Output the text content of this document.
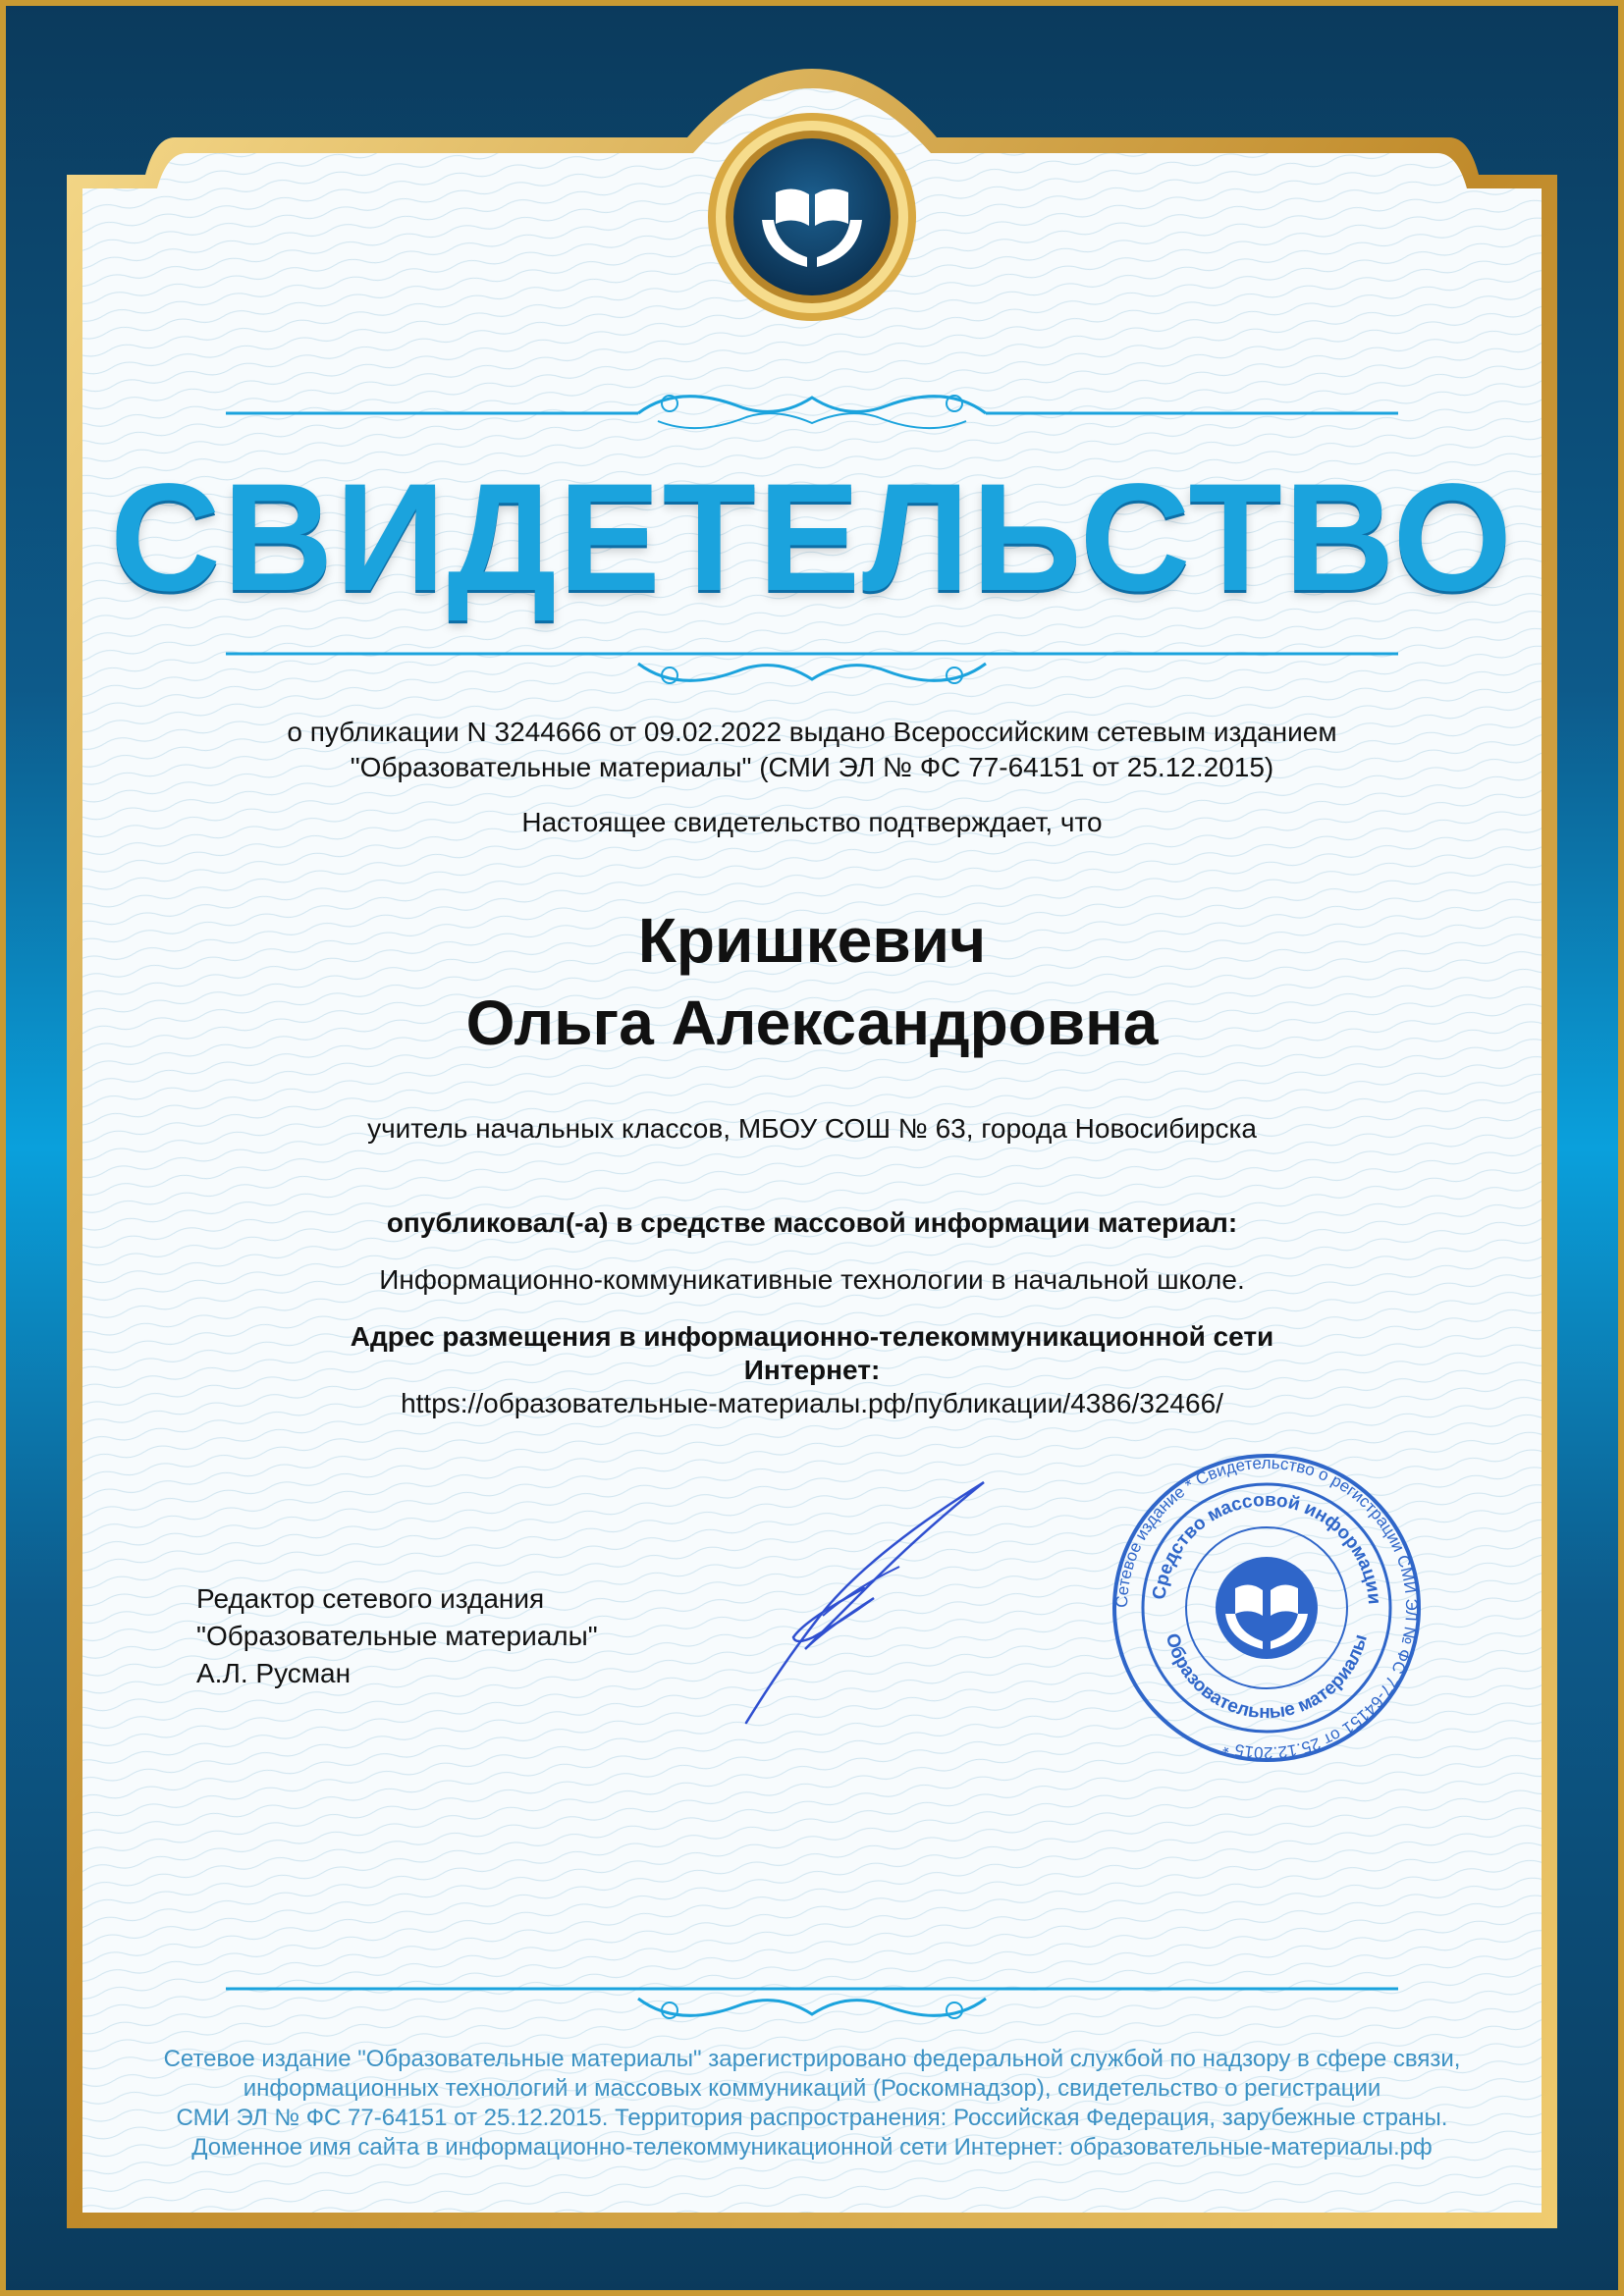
СВИДЕТЕЛЬСТВО
о публикации N 3244666 от 09.02.2022 выдано Всероссийским сетевым изданием
"Образовательные материалы" (СМИ ЭЛ № ФС 77-64151 от 25.12.2015)
Настоящее свидетельство подтверждает, что
Кришкевич
Ольга Александровна
учитель начальных классов, МБОУ СОШ № 63, города Новосибирска
опубликовал(-а) в средстве массовой информации материал:
Информационно-коммуникативные технологии в начальной школе.
Адрес размещения в информационно-телекоммуникационной сети
Интернет:
https://образовательные-материалы.рф/публикации/4386/32466/
Редактор сетевого издания
"Образовательные материалы"
А.Л. Русман
Сетевое издание * Свидетельство о регистрации СМИ ЭЛ № ФС 77-64151 от 25.12.2015 *
Средство массовой информации
Образовательные материалы
Сетевое издание "Образовательные материалы" зарегистрировано федеральной службой по надзору в сфере связи,
информационных технологий и массовых коммуникаций (Роскомнадзор), свидетельство о регистрации
СМИ ЭЛ № ФС 77-64151 от 25.12.2015. Территория распространения: Российская Федерация, зарубежные страны.
Доменное имя сайта в информационно-телекоммуникационной сети Интернет: образовательные-материалы.рф
